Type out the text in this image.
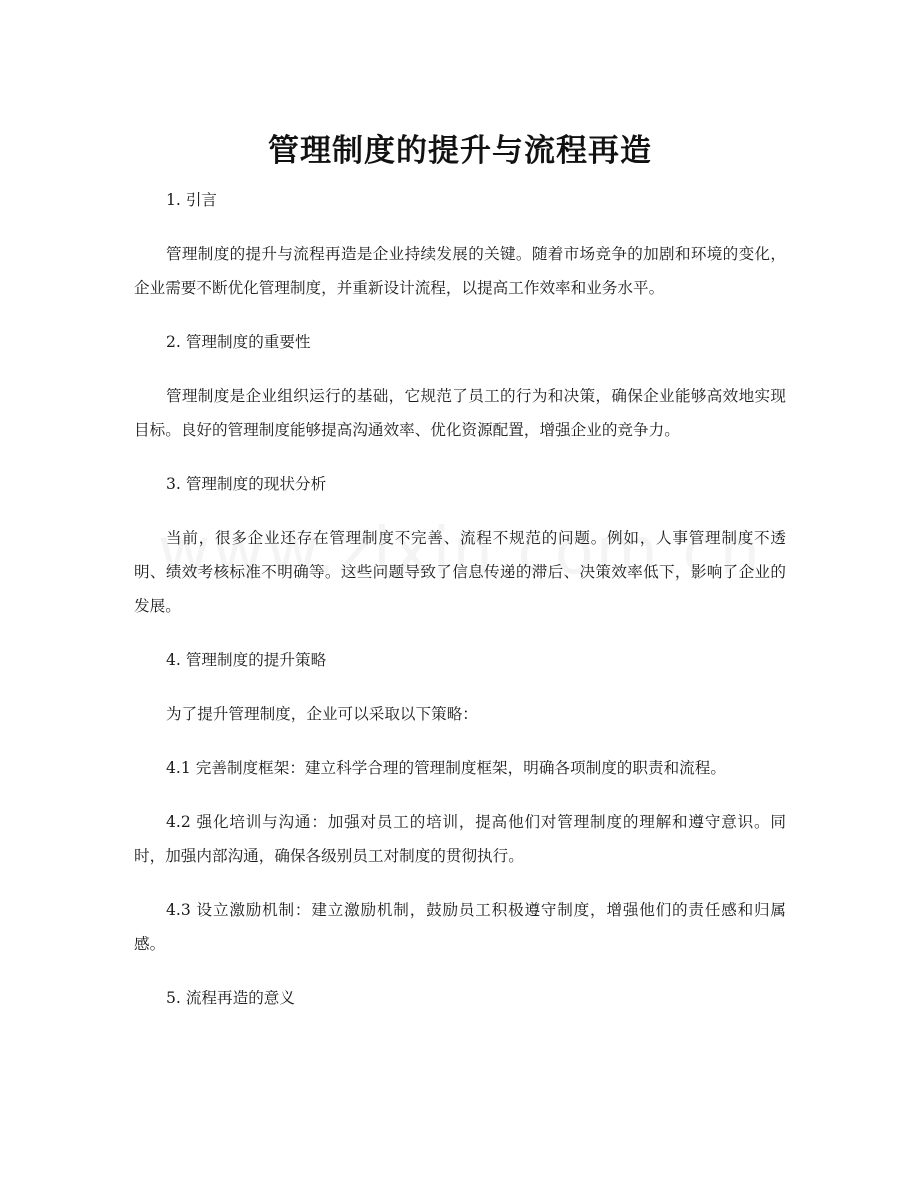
管理制度的提升与流程再造

1. 引言

管理制度的提升与流程再造是企业持续发展的关键。随着市场竞争的加剧和环境的变化，企业需要不断优化管理制度，并重新设计流程，以提高工作效率和业务水平。

2. 管理制度的重要性

管理制度是企业组织运行的基础，它规范了员工的行为和决策，确保企业能够高效地实现目标。良好的管理制度能够提高沟通效率、优化资源配置，增强企业的竞争力。

3. 管理制度的现状分析

当前，很多企业还存在管理制度不完善、流程不规范的问题。例如，人事管理制度不透明、绩效考核标准不明确等。这些问题导致了信息传递的滞后、决策效率低下，影响了企业的发展。

4. 管理制度的提升策略

为了提升管理制度，企业可以采取以下策略：

4.1 完善制度框架：建立科学合理的管理制度框架，明确各项制度的职责和流程。

4.2 强化培训与沟通：加强对员工的培训，提高他们对管理制度的理解和遵守意识。同时，加强内部沟通，确保各级别员工对制度的贯彻执行。

4.3 设立激励机制：建立激励机制，鼓励员工积极遵守制度，增强他们的责任感和归属感。

5. 流程再造的意义
